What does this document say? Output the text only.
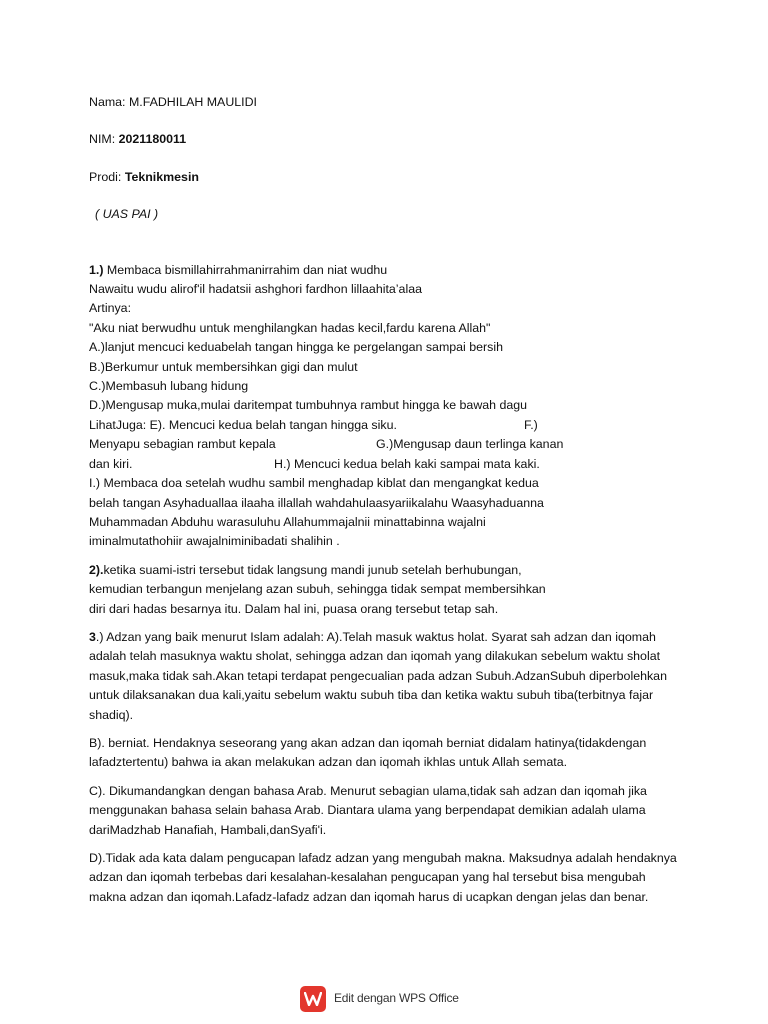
Nama: M.FADHILAH MAULIDI
NIM: 2021180011
Prodi: Teknikmesin
( UAS PAI )
1.) Membaca bismillahirrahmanirrahim dan niat wudhu
Nawaitu wudu alirof'il hadatsii ashghori fardhon lillaahita’alaa
Artinya:
"Aku niat berwudhu untuk menghilangkan hadas kecil,fardu karena Allah"
A.)lanjut mencuci keduabelah tangan hingga ke pergelangan sampai bersih
B.)Berkumur untuk membersihkan gigi dan mulut
C.)Membasuh lubang hidung
D.)Mengusap muka,mulai daritempat tumbuhnya rambut hingga ke bawah dagu
LihatJuga: E). Mencuci kedua belah tangan hingga siku.	F.)
Menyapu sebagian rambut kepala	G.)Mengusap daun terlinga kanan
dan kiri.	H.) Mencuci kedua belah kaki sampai mata kaki.
I.) Membaca doa setelah wudhu sambil menghadap kiblat dan mengangkat kedua
belah tangan Asyhaduallaa ilaaha illallah wahdahulaasyariikalahu Waasyhaduanna
Muhammadan Abduhu warasuluhu Allahummajalnii minattabinna wajalni
iminalmutathohiir awajalniminibadati shalihin .
2).ketika suami-istri tersebut tidak langsung mandi junub setelah berhubungan,
kemudian terbangun menjelang azan subuh, sehingga tidak sempat membersihkan
diri dari hadas besarnya itu. Dalam hal ini, puasa orang tersebut tetap sah.
3.) Adzan yang baik menurut Islam adalah: A).Telah masuk waktus holat. Syarat sah adzan dan iqomah
adalah telah masuknya waktu sholat, sehingga adzan dan iqomah yang dilakukan sebelum waktu sholat
masuk,maka tidak sah.Akan tetapi terdapat pengecualian pada adzan Subuh.AdzanSubuh diperbolehkan
untuk dilaksanakan dua kali,yaitu sebelum waktu subuh tiba dan ketika waktu subuh tiba(terbitnya fajar
shadiq).
B). berniat. Hendaknya seseorang yang akan adzan dan iqomah berniat didalam hatinya(tidakdengan
lafadztertentu) bahwa ia akan melakukan adzan dan iqomah ikhlas untuk Allah semata.
C). Dikumandangkan dengan bahasa Arab. Menurut sebagian ulama,tidak sah adzan dan iqomah jika
menggunakan bahasa selain bahasa Arab. Diantara ulama yang berpendapat demikian adalah ulama
dariMadzhab Hanafiah, Hambali,danSyafi'i.
D).Tidak ada kata dalam pengucapan lafadz adzan yang mengubah makna. Maksudnya adalah hendaknya
adzan dan iqomah terbebas dari kesalahan-kesalahan pengucapan yang hal tersebut bisa mengubah
makna adzan dan iqomah.Lafadz-lafadz adzan dan iqomah harus di ucapkan dengan jelas dan benar.
Edit dengan WPS Office
